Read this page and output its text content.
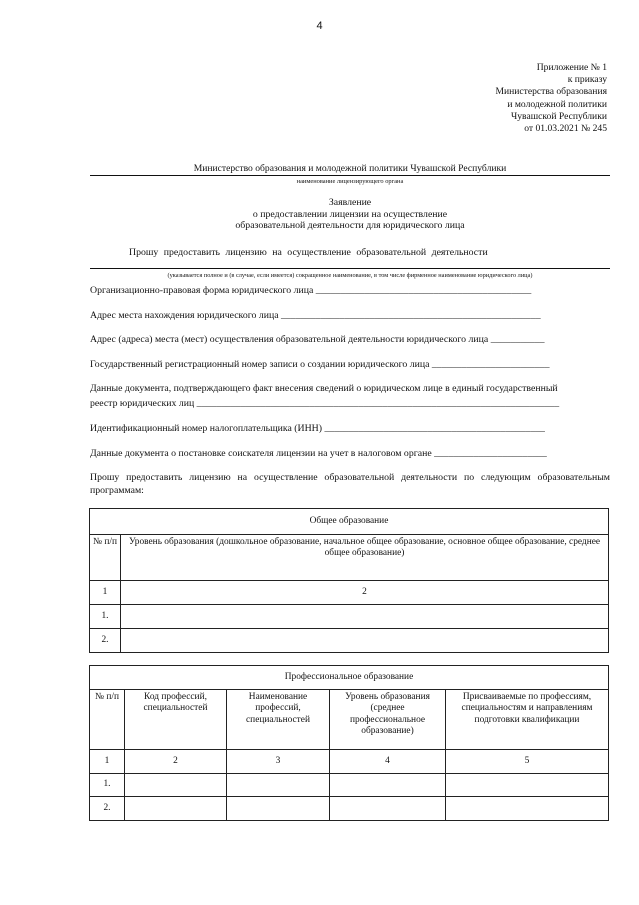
4
Приложение № 1
к приказу
Министерства образования
и молодежной политики
Чувашской Республики
от 01.03.2021 № 245
Министерство образования и молодежной политики Чувашской Республики
наименование лицензирующего органа
Заявление
о предоставлении лицензии на осуществление
образовательной деятельности для юридического лица
Прошу предоставить лицензию на осуществление образовательной деятельности
(указывается полное и (в случае, если имеется) сокращенное наименование, в том числе фирменное наименование юридического лица)
Организационно-правовая форма юридического лица ____________________________________________
Адрес места нахождения юридического лица _____________________________________________________
Адрес (адреса) места (мест) осуществления образовательной деятельности юридического лица ___________
Государственный регистрационный номер записи о создании юридического лица ________________________
Данные документа, подтверждающего факт внесения сведений о юридическом лице в единый государственный
реестр юридических лиц __________________________________________________________________________
Идентификационный номер налогоплательщика (ИНН) _____________________________________________
Данные документа о постановке соискателя лицензии на учет в налоговом органе _______________________
Прошу предоставить лицензию на осуществление образовательной деятельности по следующим образовательным программам:
Общее образование	
№ п/п	Уровень образования (дошкольное образование, начальное общее образование, основное общее образование, среднее общее образование)
1	2
1.	
2.	
Профессиональное образование				
№ п/п	Код профессий, специальностей	Наименование профессий, специальностей	Уровень образования (среднее профессиональное образование)	Присваиваемые по профессиям, специальностям и направлениям подготовки квалификации
1	2	3	4	5
1.				
2.				
